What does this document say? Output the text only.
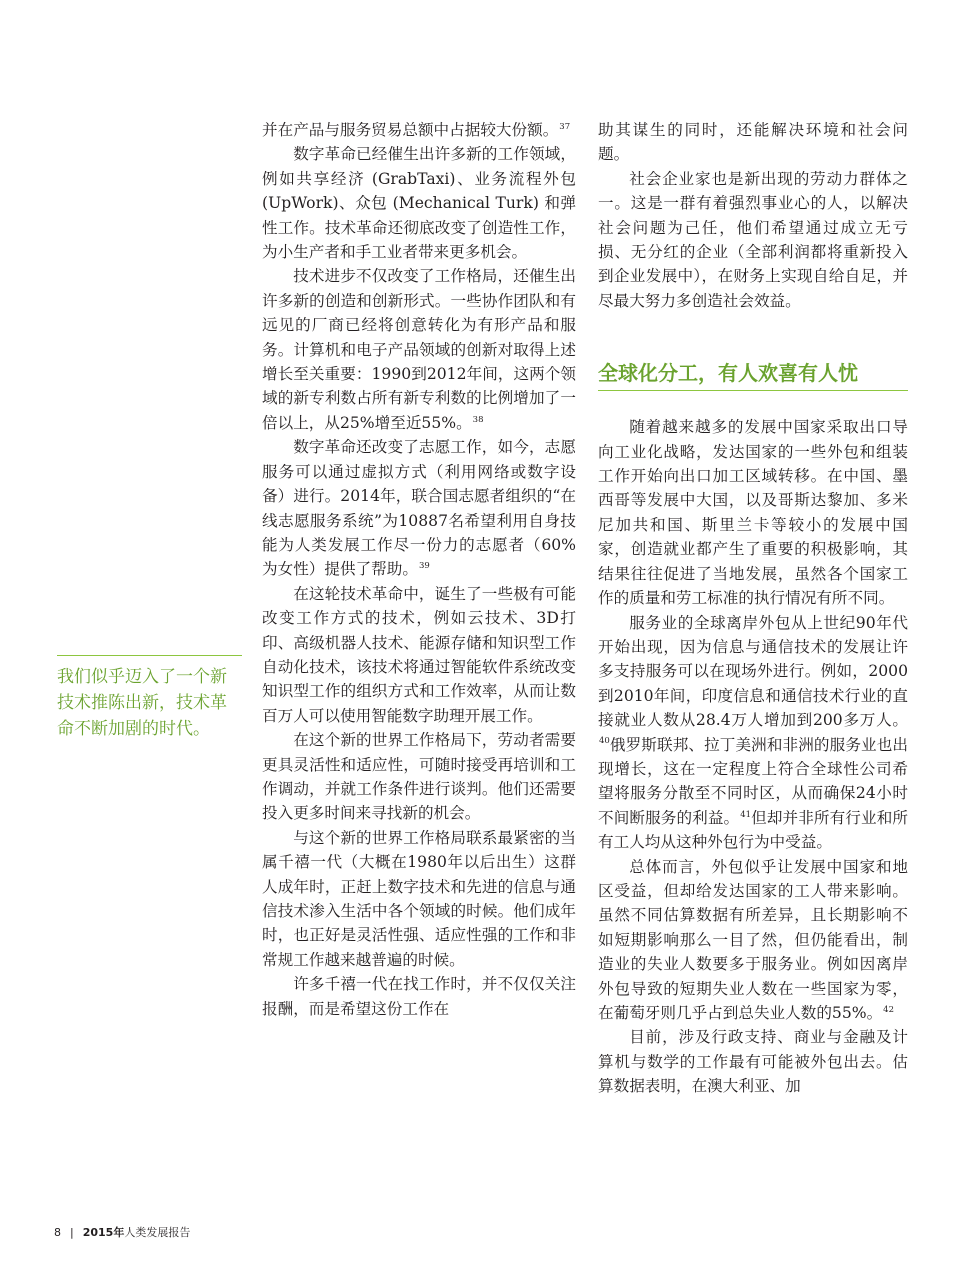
并在产品与服务贸易总额中占据较大份额。$^{37}$

数字革命已经催生出许多新的工作领域，例如共享经济 (GrabTaxi)、业务流程外包 (UpWork)、众包 (Mechanical Turk) 和弹性工作。技术革命还彻底改变了创造性工作，为小生产者和手工业者带来更多机会。

技术进步不仅改变了工作格局，还催生出许多新的创造和创新形式。一些协作团队和有远见的厂商已经将创意转化为有形产品和服务。计算机和电子产品领域的创新对取得上述增长至关重要：1990到2012年间，这两个领域的新专利数占所有新专利数的比例增加了一倍以上，从25%增至近55%。$^{38}$

数字革命还改变了志愿工作，如今，志愿服务可以通过虚拟方式（利用网络或数字设备）进行。2014年，联合国志愿者组织的“在线志愿服务系统”为10887名希望利用自身技能为人类发展工作尽一份力的志愿者（60%为女性）提供了帮助。$^{39}$

在这轮技术革命中，诞生了一些极有可能改变工作方式的技术，例如云技术、3D打印、高级机器人技术、能源存储和知识型工作自动化技术，该技术将通过智能软件系统改变知识型工作的组织方式和工作效率，从而让数百万人可以使用智能数字助理开展工作。

在这个新的世界工作格局下，劳动者需要更具灵活性和适应性，可随时接受再培训和工作调动，并就工作条件进行谈判。他们还需要投入更多时间来寻找新的机会。

与这个新的世界工作格局联系最紧密的当属千禧一代（大概在1980年以后出生）这群人成年时，正赶上数字技术和先进的信息与通信技术渗入生活中各个领域的时候。他们成年时，也正好是灵活性强、适应性强的工作和非常规工作越来越普遍的时候。

许多千禧一代在找工作时，并不仅仅关注报酬，而是希望这份工作在

助其谋生的同时，还能解决环境和社会问题。

社会企业家也是新出现的劳动力群体之一。这是一群有着强烈事业心的人，以解决社会问题为己任，他们希望通过成立无亏损、无分红的企业（全部利润都将重新投入到企业发展中），在财务上实现自给自足，并尽最大努力多创造社会效益。

全球化分工，有人欢喜有人忧

随着越来越多的发展中国家采取出口导向工业化战略，发达国家的一些外包和组装工作开始向出口加工区域转移。在中国、墨西哥等发展中大国，以及哥斯达黎加、多米尼加共和国、斯里兰卡等较小的发展中国家，创造就业都产生了重要的积极影响，其结果往往促进了当地发展，虽然各个国家工作的质量和劳工标准的执行情况有所不同。

服务业的全球离岸外包从上世纪90年代开始出现，因为信息与通信技术的发展让许多支持服务可以在现场外进行。例如，2000到2010年间，印度信息和通信技术行业的直接就业人数从28.4万人增加到200多万人。$^{40}$俄罗斯联邦、拉丁美洲和非洲的服务业也出现增长，这在一定程度上符合全球性公司希望将服务分散至不同时区，从而确保24小时不间断服务的利益。$^{41}$但却并非所有行业和所有工人均从这种外包行为中受益。

总体而言，外包似乎让发展中国家和地区受益，但却给发达国家的工人带来影响。虽然不同估算数据有所差异，且长期影响不如短期影响那么一目了然，但仍能看出，制造业的失业人数要多于服务业。例如因离岸外包导致的短期失业人数在一些国家为零，在葡萄牙则几乎占到总失业人数的55%。$^{42}$

目前，涉及行政支持、商业与金融及计算机与数学的工作最有可能被外包出去。估算数据表明，在澳大利亚、加

我们似乎迈入了一个新技术推陈出新，技术革命不断加剧的时代。
8 | 2015年人类发展报告
